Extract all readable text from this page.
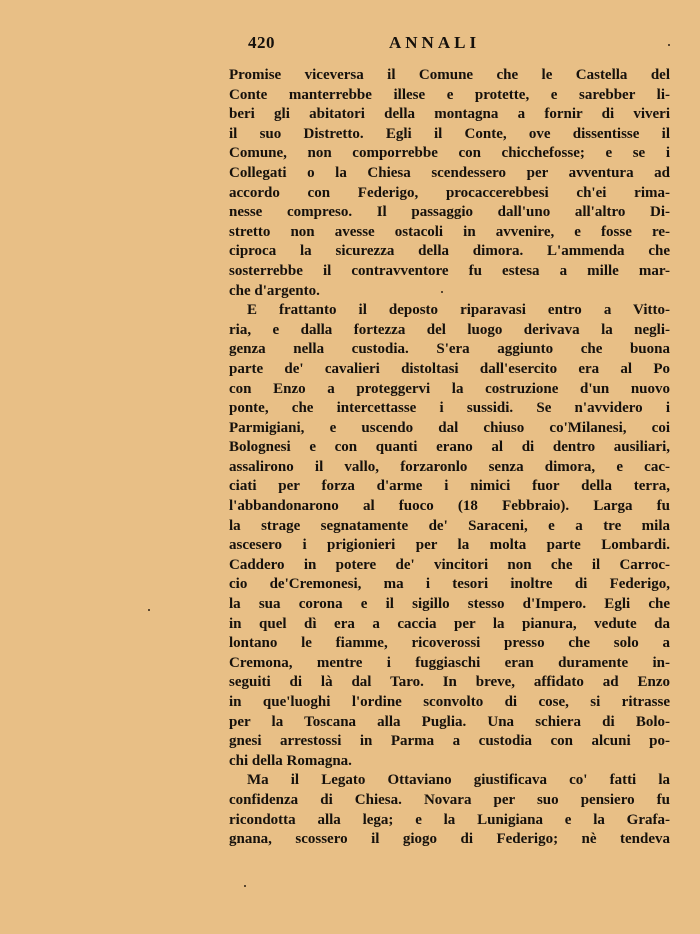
420	ANNALI
Promise viceversa il Comune che le Castella del
Conte manterrebbe illese e protette, e sarebber li-
beri gli abitatori della montagna a fornir di viveri
il suo Distretto. Egli il Conte, ove dissentisse il
Comune, non comporrebbe con chicchefosse; e se i
Collegati o la Chiesa scendessero per avventura ad
accordo con Federigo, procaccerebbesi ch'ei rima-
nesse compreso. Il passaggio dall'uno all'altro Di-
stretto non avesse ostacoli in avvenire, e fosse re-
ciproca la sicurezza della dimora. L'ammenda che
sosterrebbe il contravventore fu estesa a mille mar-
che d'argento.
E frattanto il deposto riparavasi entro a Vitto-
ria, e dalla fortezza del luogo derivava la negli-
genza nella custodia. S'era aggiunto che buona
parte de' cavalieri distoltasi dall'esercito era al Po
con Enzo a proteggervi la costruzione d'un nuovo
ponte, che intercettasse i sussidi. Se n'avvidero i
Parmigiani, e uscendo dal chiuso co'Milanesi, coi
Bolognesi e con quanti erano al di dentro ausiliari,
assalirono il vallo, forzaronlo senza dimora, e cac-
ciati per forza d'arme i nimici fuor della terra,
l'abbandonarono al fuoco (18 Febbraio). Larga fu
la strage segnatamente de' Saraceni, e a tre mila
ascesero i prigionieri per la molta parte Lombardi.
Caddero in potere de' vincitori non che il Carroc-
cio de'Cremonesi, ma i tesori inoltre di Federigo,
la sua corona e il sigillo stesso d'Impero. Egli che
in quel dì era a caccia per la pianura, vedute da
lontano le fiamme, ricoverossi presso che solo a
Cremona, mentre i fuggiaschi eran duramente in-
seguiti di là dal Taro. In breve, affidato ad Enzo
in que'luoghi l'ordine sconvolto di cose, si ritrasse
per la Toscana alla Puglia. Una schiera di Bolo-
gnesi arrestossi in Parma a custodia con alcuni po-
chi della Romagna.
Ma il Legato Ottaviano giustificava co' fatti la
confidenza di Chiesa. Novara per suo pensiero fu
ricondotta alla lega; e la Lunigiana e la Grafa-
gnana, scossero il giogo di Federigo; nè tendeva
